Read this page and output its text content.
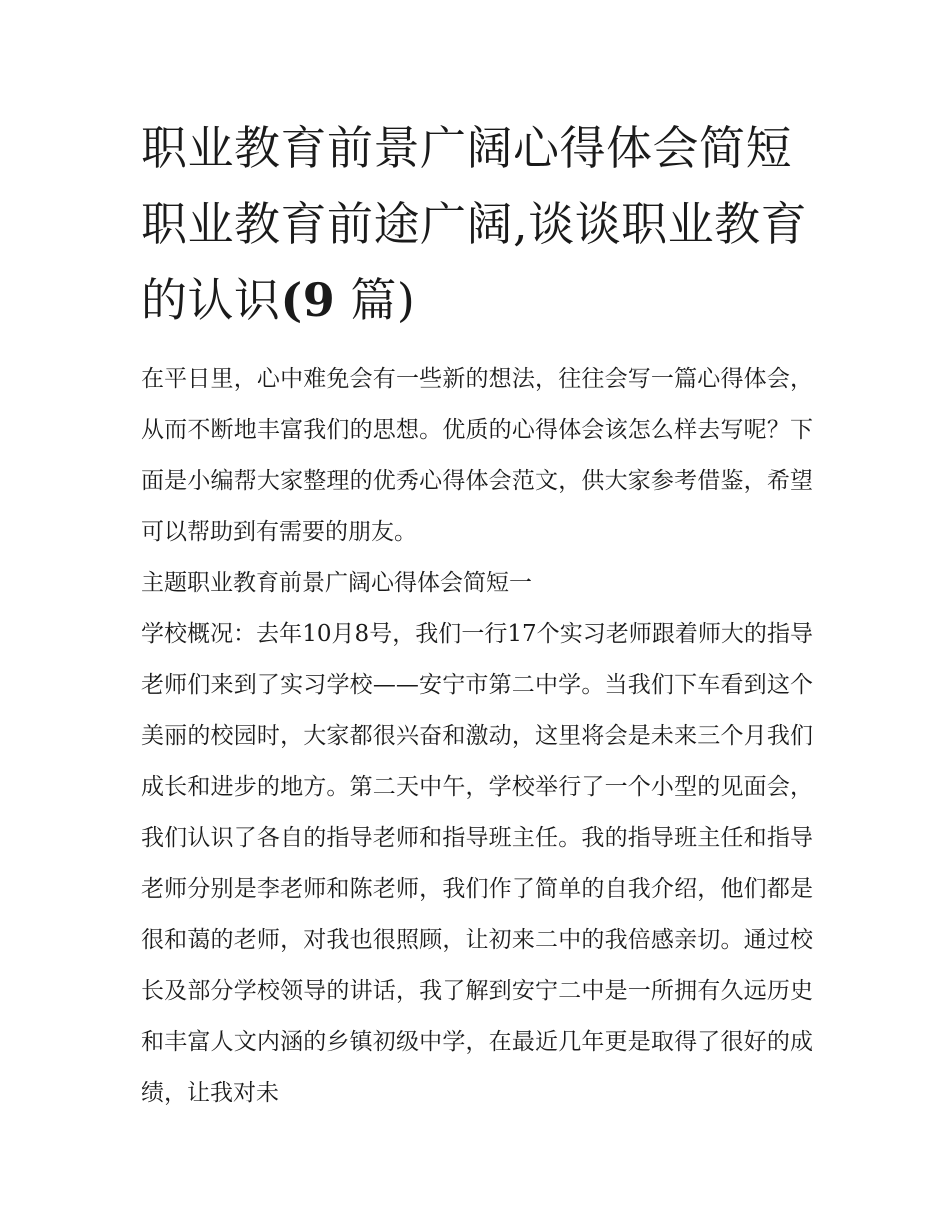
职业教育前景广阔心得体会简短 职业教育前途广阔,谈谈职业教育的认识(9 篇)

在平日里，心中难免会有一些新的想法，往往会写一篇心得体会，从而不断地丰富我们的思想。优质的心得体会该怎么样去写呢？下面是小编帮大家整理的优秀心得体会范文，供大家参考借鉴，希望可以帮助到有需要的朋友。

主题职业教育前景广阔心得体会简短一

学校概况：去年10月8号，我们一行17个实习老师跟着师大的指导老师们来到了实习学校——安宁市第二中学。当我们下车看到这个美丽的校园时，大家都很兴奋和激动，这里将会是未来三个月我们成长和进步的地方。第二天中午，学校举行了一个小型的见面会，我们认识了各自的指导老师和指导班主任。我的指导班主任和指导老师分别是李老师和陈老师，我们作了简单的自我介绍，他们都是很和蔼的老师，对我也很照顾，让初来二中的我倍感亲切。通过校长及部分学校领导的讲话，我了解到安宁二中是一所拥有久远历史和丰富人文内涵的乡镇初级中学，在最近几年更是取得了很好的成绩，让我对未
